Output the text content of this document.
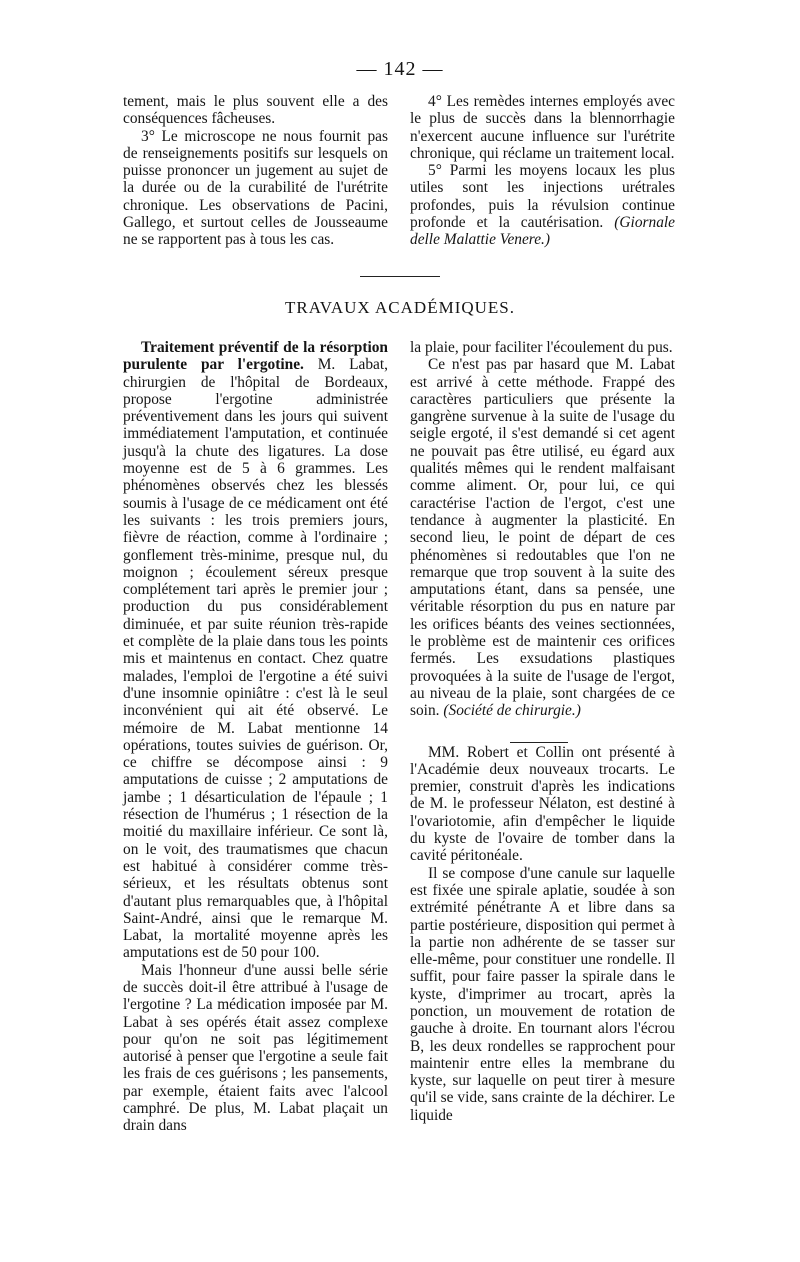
— 142 —

tement, mais le plus souvent elle a des conséquences fâcheuses.

3° Le microscope ne nous fournit pas de renseignements positifs sur lesquels on puisse prononcer un jugement au sujet de la durée ou de la curabilité de l'urétrite chronique. Les observations de Pacini, Gallego, et surtout celles de Jousseaume ne se rapportent pas à tous les cas.

4° Les remèdes internes employés avec le plus de succès dans la blennorrhagie n'exercent aucune influence sur l'urétrite chronique, qui réclame un traitement local.

5° Parmi les moyens locaux les plus utiles sont les injections urétrales profondes, puis la révulsion continue profonde et la cautérisation. (Giornale delle Malattie Venere.)

TRAVAUX ACADÉMIQUES.

Traitement préventif de la résorption purulente par l'ergotine. M. Labat, chirurgien de l'hôpital de Bordeaux, propose l'ergotine administrée préventivement dans les jours qui suivent immédiatement l'amputation, et continuée jusqu'à la chute des ligatures. La dose moyenne est de 5 à 6 grammes. Les phénomènes observés chez les blessés soumis à l'usage de ce médicament ont été les suivants : les trois premiers jours, fièvre de réaction, comme à l'ordinaire ; gonflement très-minime, presque nul, du moignon ; écoulement séreux presque complétement tari après le premier jour ; production du pus considérablement diminuée, et par suite réunion très-rapide et complète de la plaie dans tous les points mis et maintenus en contact. Chez quatre malades, l'emploi de l'ergotine a été suivi d'une insomnie opiniâtre : c'est là le seul inconvénient qui ait été observé. Le mémoire de M. Labat mentionne 14 opérations, toutes suivies de guérison. Or, ce chiffre se décompose ainsi : 9 amputations de cuisse ; 2 amputations de jambe ; 1 désarticulation de l'épaule ; 1 résection de l'humérus ; 1 résection de la moitié du maxillaire inférieur. Ce sont là, on le voit, des traumatismes que chacun est habitué à considérer comme très-sérieux, et les résultats obtenus sont d'autant plus remarquables que, à l'hôpital Saint-André, ainsi que le remarque M. Labat, la mortalité moyenne après les amputations est de 50 pour 100.

Mais l'honneur d'une aussi belle série de succès doit-il être attribué à l'usage de l'ergotine ? La médication imposée par M. Labat à ses opérés était assez complexe pour qu'on ne soit pas légitimement autorisé à penser que l'ergotine a seule fait les frais de ces guérisons ; les pansements, par exemple, étaient faits avec l'alcool camphré. De plus, M. Labat plaçait un drain dans

la plaie, pour faciliter l'écoulement du pus.

Ce n'est pas par hasard que M. Labat est arrivé à cette méthode. Frappé des caractères particuliers que présente la gangrène survenue à la suite de l'usage du seigle ergoté, il s'est demandé si cet agent ne pouvait pas être utilisé, eu égard aux qualités mêmes qui le rendent malfaisant comme aliment. Or, pour lui, ce qui caractérise l'action de l'ergot, c'est une tendance à augmenter la plasticité. En second lieu, le point de départ de ces phénomènes si redoutables que l'on ne remarque que trop souvent à la suite des amputations étant, dans sa pensée, une véritable résorption du pus en nature par les orifices béants des veines sectionnées, le problème est de maintenir ces orifices fermés. Les exsudations plastiques provoquées à la suite de l'usage de l'ergot, au niveau de la plaie, sont chargées de ce soin. (Société de chirurgie.)

MM. Robert et Collin ont présenté à l'Académie deux nouveaux trocarts. Le premier, construit d'après les indications de M. le professeur Nélaton, est destiné à l'ovariotomie, afin d'empêcher le liquide du kyste de l'ovaire de tomber dans la cavité péritonéale.

Il se compose d'une canule sur laquelle est fixée une spirale aplatie, soudée à son extrémité pénétrante A et libre dans sa partie postérieure, disposition qui permet à la partie non adhérente de se tasser sur elle-même, pour constituer une rondelle. Il suffit, pour faire passer la spirale dans le kyste, d'imprimer au trocart, après la ponction, un mouvement de rotation de gauche à droite. En tournant alors l'écrou B, les deux rondelles se rapprochent pour maintenir entre elles la membrane du kyste, sur laquelle on peut tirer à mesure qu'il se vide, sans crainte de la déchirer. Le liquide
